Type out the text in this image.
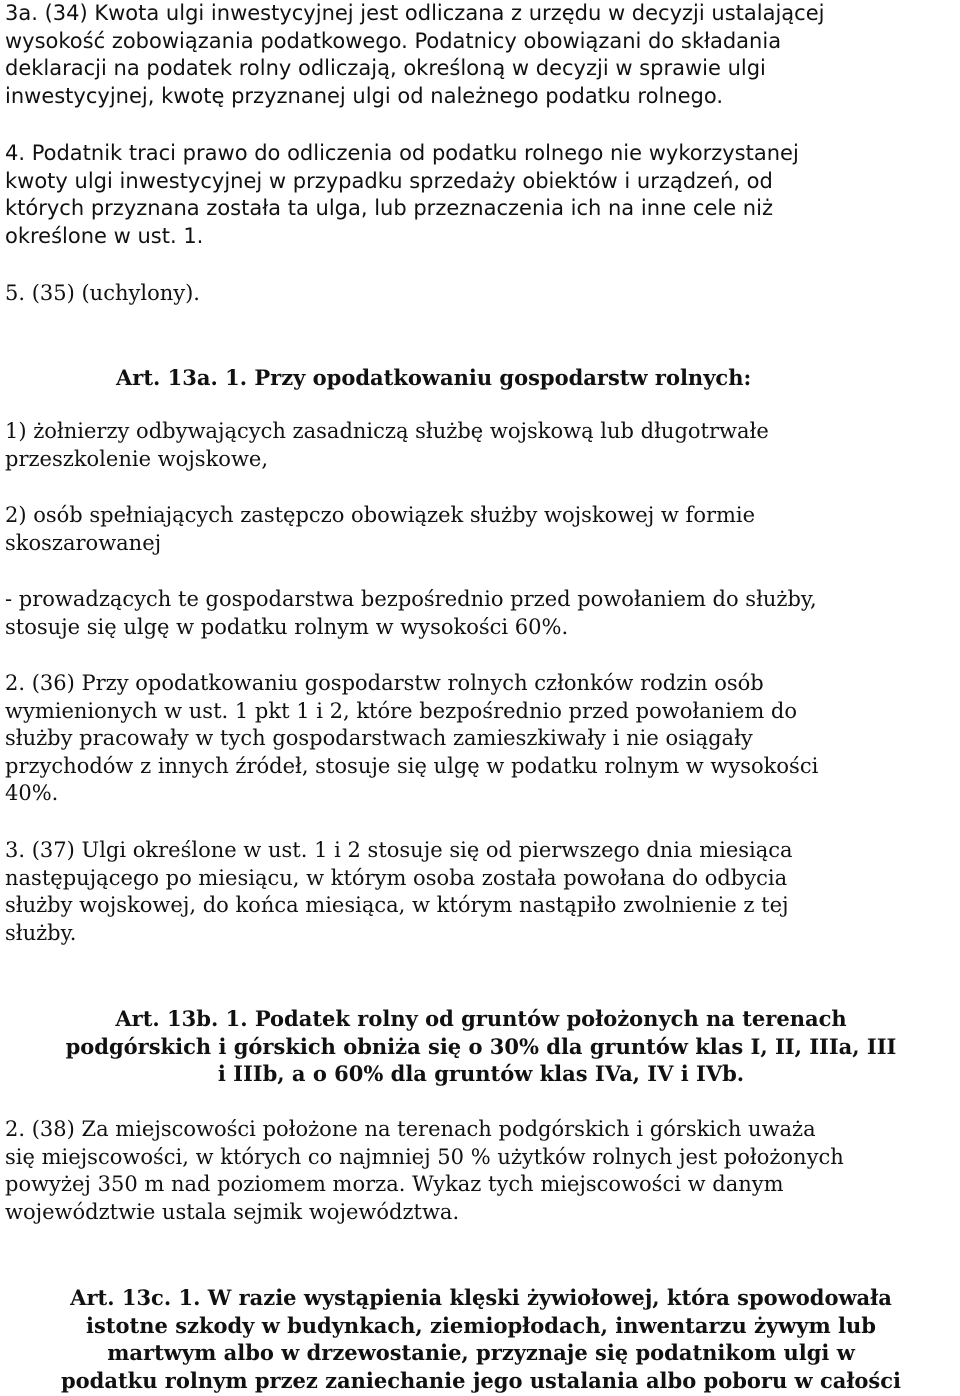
3a. (34) Kwota ulgi inwestycyjnej jest odliczana z urzędu w decyzji ustalającej
wysokość zobowiązania podatkowego. Podatnicy obowiązani do składania
deklaracji na podatek rolny odliczają, określoną w decyzji w sprawie ulgi
inwestycyjnej, kwotę przyznanej ulgi od należnego podatku rolnego.

4. Podatnik traci prawo do odliczenia od podatku rolnego nie wykorzystanej
kwoty ulgi inwestycyjnej w przypadku sprzedaży obiektów i urządzeń, od
których przyznana została ta ulga, lub przeznaczenia ich na inne cele niż
określone w ust. 1.

5. (35) (uchylony).

Art. 13a. 1. Przy opodatkowaniu gospodarstw rolnych:

1) żołnierzy odbywających zasadniczą służbę wojskową lub długotrwałe
przeszkolenie wojskowe,

2) osób spełniających zastępczo obowiązek służby wojskowej w formie
skoszarowanej

- prowadzących te gospodarstwa bezpośrednio przed powołaniem do służby,
stosuje się ulgę w podatku rolnym w wysokości 60%.

2. (36) Przy opodatkowaniu gospodarstw rolnych członków rodzin osób
wymienionych w ust. 1 pkt 1 i 2, które bezpośrednio przed powołaniem do
służby pracowały w tych gospodarstwach zamieszkiwały i nie osiągały
przychodów z innych źródeł, stosuje się ulgę w podatku rolnym w wysokości
40%.

3. (37) Ulgi określone w ust. 1 i 2 stosuje się od pierwszego dnia miesiąca
następującego po miesiącu, w którym osoba została powołana do odbycia
służby wojskowej, do końca miesiąca, w którym nastąpiło zwolnienie z tej
służby.

Art. 13b. 1. Podatek rolny od gruntów położonych na terenach
podgórskich i górskich obniża się o 30% dla gruntów klas I, II, IIIa, III
i IIIb, a o 60% dla gruntów klas IVa, IV i IVb.

2. (38) Za miejscowości położone na terenach podgórskich i górskich uważa
się miejscowości, w których co najmniej 50 % użytków rolnych jest położonych
powyżej 350 m nad poziomem morza. Wykaz tych miejscowości w danym
województwie ustala sejmik województwa.

Art. 13c. 1. W razie wystąpienia klęski żywiołowej, która spowodowała
istotne szkody w budynkach, ziemiopłodach, inwentarzu żywym lub
martwym albo w drzewostanie, przyznaje się podatnikom ulgi w
podatku rolnym przez zaniechanie jego ustalania albo poboru w całości
